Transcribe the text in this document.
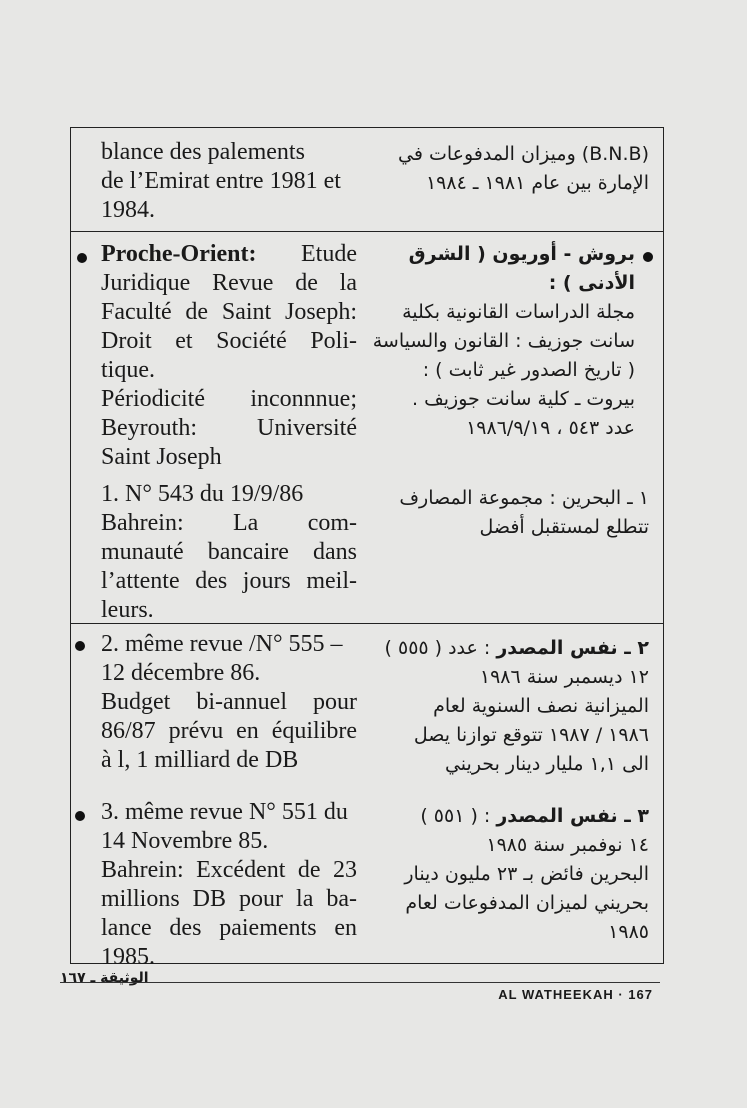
blance des palements
de l’Emirat entre 1981 et
1984.
(B.N.B) وميزان المدفوعات في
الإمارة بين عام ١٩٨١ ـ ١٩٨٤
Proche-Orient: Etude
Juridique Revue de la
Faculté de Saint Joseph:
Droit et Société Poli-
tique.
Périodicité inconnnue;
Beyrouth: Université
Saint Joseph
بروش - أوريون ( الشرق
الأدنى ) :
مجلة الدراسات القانونية بكلية
سانت جوزيف : القانون والسياسة
( تاريخ الصدور غير ثابت ) :
بيروت ـ كلية سانت جوزيف .
عدد ٥٤٣ ، ١٩٨٦/٩/١٩
1. N° 543 du 19/9/86
Bahrein: La com-
munauté bancaire dans
l’attente des jours meil-
leurs.
١ ـ البحرين : مجموعة المصارف
تتطلع لمستقبل أفضل
2. même revue /N° 555 –
12 décembre 86.
Budget bi-annuel pour
86/87 prévu en équilibre
à l, 1 milliard de DB
٢ ـ نفس المصدر : عدد ( ٥٥٥ )
١٢ ديسمبر سنة ١٩٨٦
الميزانية نصف السنوية لعام
١٩٨٦ / ١٩٨٧ تتوقع توازنا يصل
الى ١,١ مليار دينار بحريني
3. même revue N° 551 du
14 Novembre 85.
Bahrein: Excédent de 23
millions DB pour la ba-
lance des paiements en
1985.
٣ ـ نفس المصدر : ( ٥٥١ )
١٤ نوفمبر سنة ١٩٨٥
البحرين فائض بـ ٢٣ مليون دينار
بحريني لميزان المدفوعات لعام
١٩٨٥
الوثيقة ـ ١٦٧
AL WATHEEKAH · 167
